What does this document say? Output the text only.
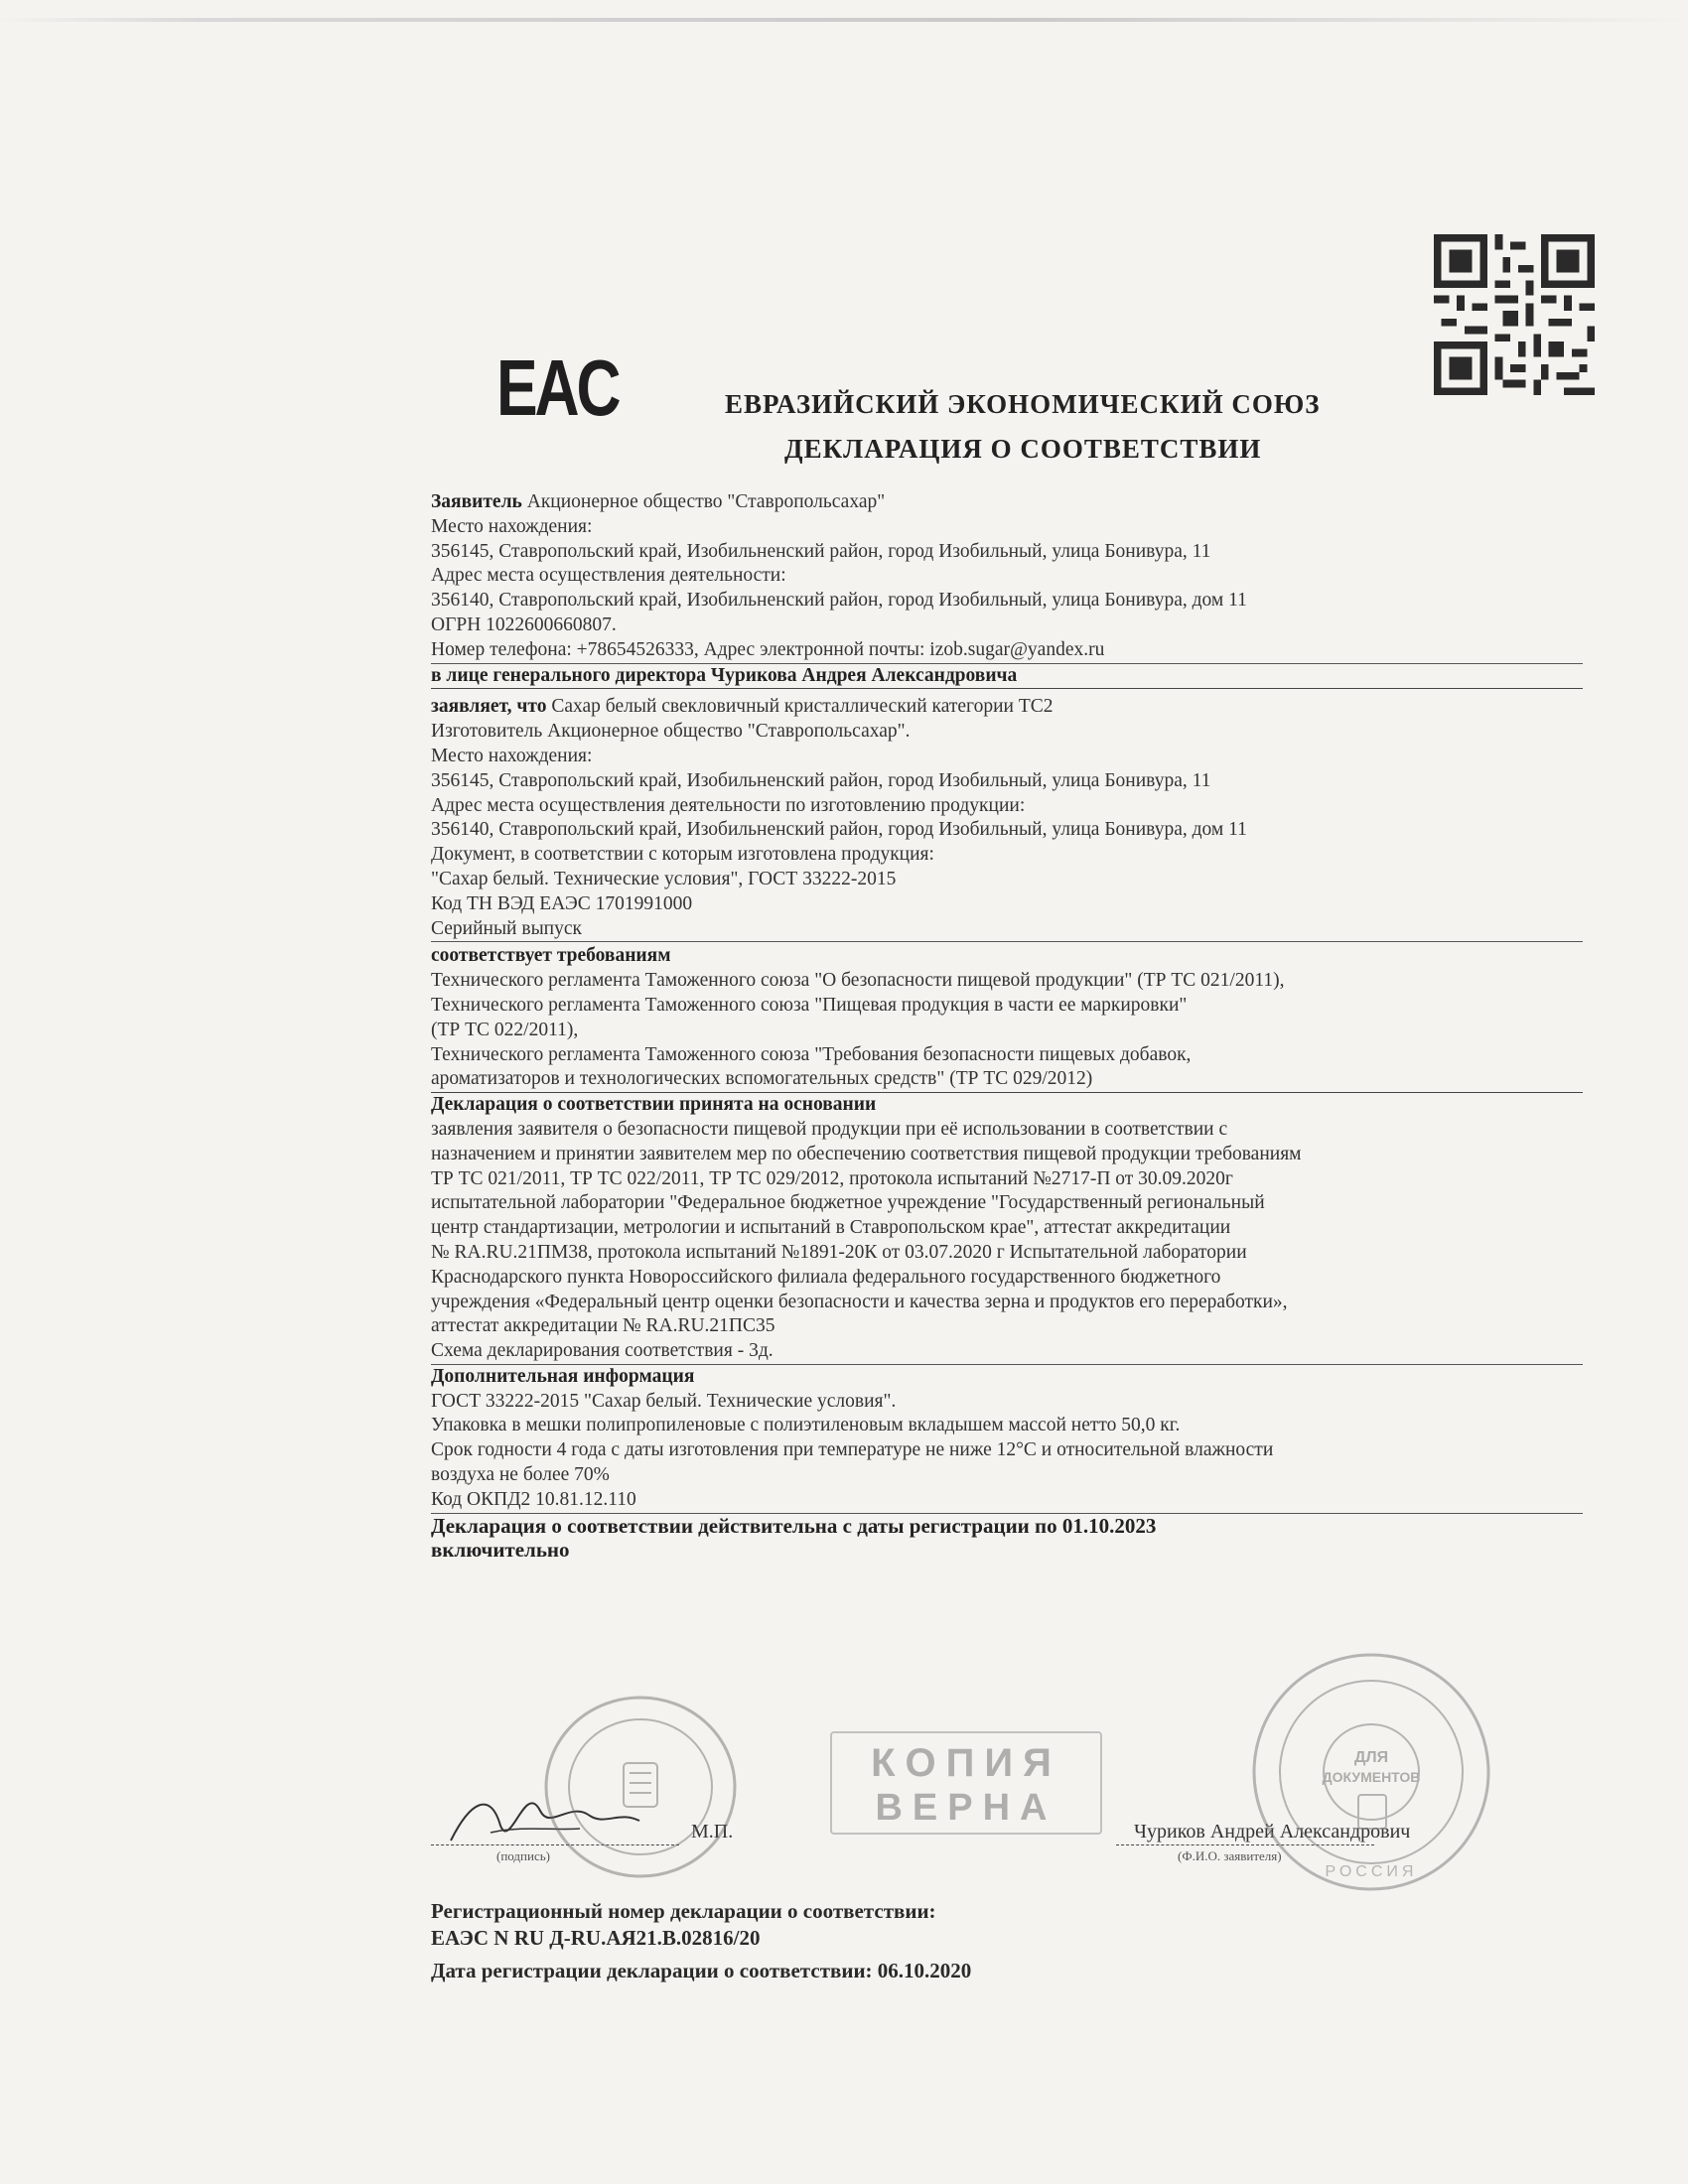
EAC	ЕВРАЗИЙСКИЙ ЭКОНОМИЧЕСКИЙ СОЮЗ
ДЕКЛАРАЦИЯ О СООТВЕТСТВИИ
Заявитель Акционерное общество "Ставропольсахар"
Место нахождения:
356145, Ставропольский край, Изобильненский район, город Изобильный, улица Бонивура, 11
Адрес места осуществления деятельности:
356140, Ставропольский край, Изобильненский район, город Изобильный, улица Бонивура, дом 11
ОГРН 1022600660807.
Номер телефона: +78654526333, Адрес электронной почты: izob.sugar@yandex.ru
в лице генерального директора Чурикова Андрея Александровича
заявляет, что Сахар белый свекловичный кристаллический категории ТС2
Изготовитель Акционерное общество "Ставропольсахар".
Место нахождения:
356145, Ставропольский край, Изобильненский район, город Изобильный, улица Бонивура, 11
Адрес места осуществления деятельности по изготовлению продукции:
356140, Ставропольский край, Изобильненский район, город Изобильный, улица Бонивура, дом 11
Документ, в соответствии с которым изготовлена продукция:
"Сахар белый. Технические условия", ГОСТ 33222-2015
Код ТН ВЭД ЕАЭС 1701991000
Серийный выпуск
соответствует требованиям
Технического регламента Таможенного союза "О безопасности пищевой продукции" (ТР ТС 021/2011),
Технического регламента Таможенного союза "Пищевая продукция в части ее маркировки"
(ТР ТС 022/2011),
Технического регламента Таможенного союза "Требования безопасности пищевых добавок,
ароматизаторов и технологических вспомогательных средств" (ТР ТС 029/2012)
Декларация о соответствии принята на основании
заявления заявителя о безопасности пищевой продукции при её использовании в соответствии с
назначением и принятии заявителем мер по обеспечению соответствия пищевой продукции требованиям
ТР ТС 021/2011, ТР ТС 022/2011, ТР ТС 029/2012, протокола испытаний №2717-П от 30.09.2020г
испытательной лаборатории "Федеральное бюджетное учреждение "Государственный региональный
центр стандартизации, метрологии и испытаний в Ставропольском крае", аттестат аккредитации
№ RA.RU.21ПМ38, протокола испытаний №1891-20К от 03.07.2020 г Испытательной лаборатории
Краснодарского пункта Новороссийского филиала федерального государственного бюджетного
учреждения «Федеральный центр оценки безопасности и качества зерна и продуктов его переработки»,
аттестат аккредитации № RA.RU.21ПС35
Схема декларирования соответствия - 3д.
Дополнительная информация
ГОСТ 33222-2015 "Сахар белый. Технические условия".
Упаковка в мешки полипропиленовые с полиэтиленовым вкладышем массой нетто 50,0 кг.
Срок годности 4 года с даты изготовления при температуре не ниже 12°С и относительной влажности
воздуха не более 70%
Код ОКПД2 10.81.12.110
Декларация о соответствии действительна с даты регистрации по 01.10.2023
включительно
(подпись)
М.П.	Чуриков Андрей Александрович
(Ф.И.О. заявителя)
КОПИЯ
ВЕРНА
ДЛЯ
ДОКУМЕНТОВ
РОССИЯ
Регистрационный номер декларации о соответствии:
ЕАЭС N RU Д-RU.АЯ21.В.02816/20
Дата регистрации декларации о соответствии: 06.10.2020
